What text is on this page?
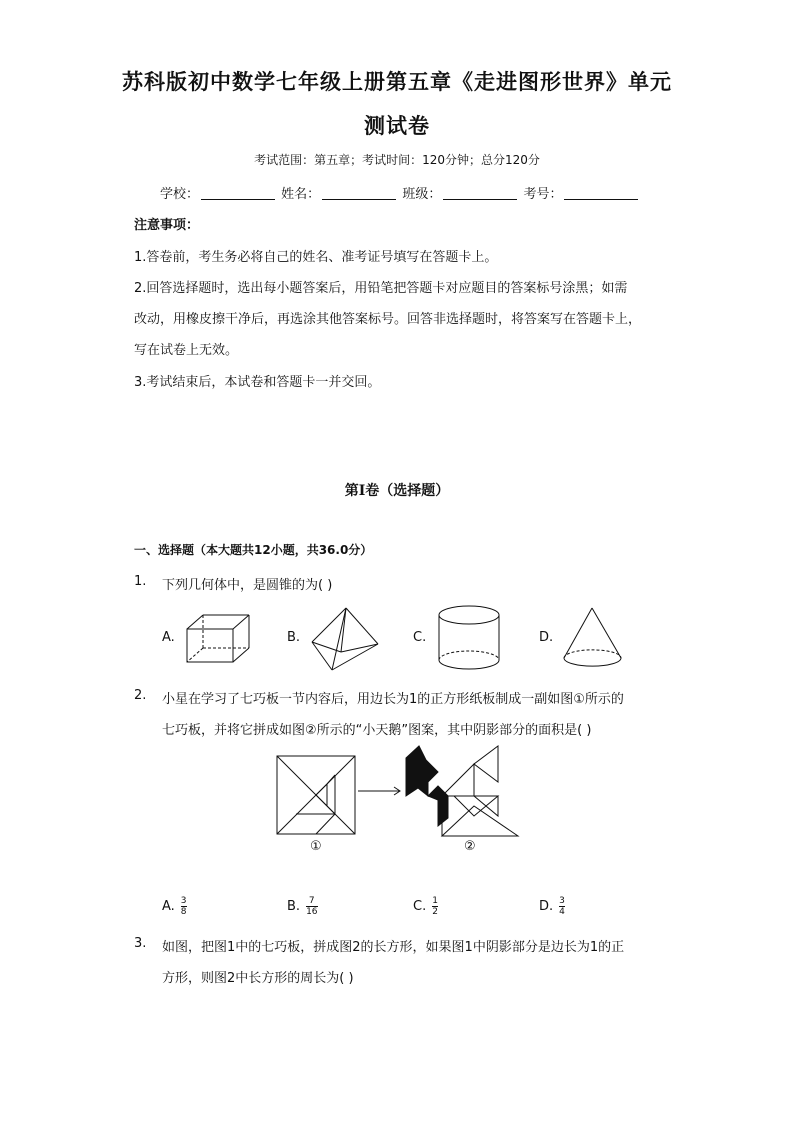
苏科版初中数学七年级上册第五章《走进图形世界》单元
测试卷
考试范围：第五章；考试时间：120分钟；总分120分
学校：	姓名：	班级：	考号：
注意事项：
1.答卷前，考生务必将自己的姓名、准考证号填写在答题卡上。
2.回答选择题时，选出每小题答案后，用铅笔把答题卡对应题目的答案标号涂黑；如需
改动，用橡皮擦干净后，再选涂其他答案标号。回答非选择题时，将答案写在答题卡上，
写在试卷上无效。
3.考试结束后，本试卷和答题卡一并交回。
第I卷（选择题）
一、选择题（本大题共12小题，共36.0分）
1. 下列几何体中，是圆锥的为( )
A.	B.	C.	D.
2. 小星在学习了七巧板一节内容后，用边长为1的正方形纸板制成一副如图①所示的
七巧板，并将它拼成如图②所示的“小天鹅”图案，其中阴影部分的面积是( )
①	②
A. $\frac{3}{8}$	B. $\frac{7}{16}$	C. $\frac{1}{2}$	D. $\frac{3}{4}$
3. 如图，把图1中的七巧板，拼成图2的长方形，如果图1中阴影部分是边长为1的正
方形，则图2中长方形的周长为( )
